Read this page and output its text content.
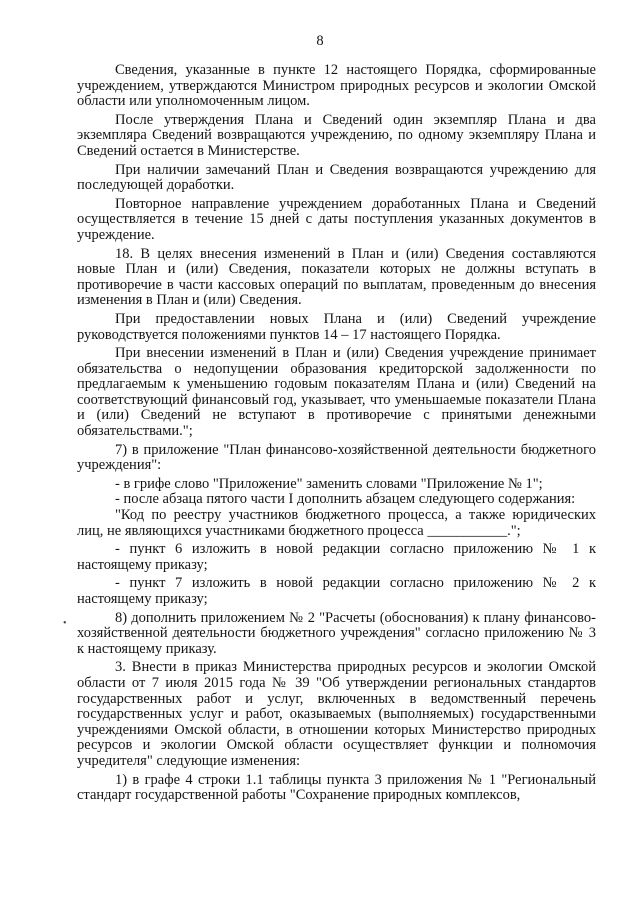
8

Сведения, указанные в пункте 12 настоящего Порядка, сформированные учреждением, утверждаются Министром природных ресурсов и экологии Омской области или уполномоченным лицом.

После утверждения Плана и Сведений один экземпляр Плана и два экземпляра Сведений возвращаются учреждению, по одному экземпляру Плана и Сведений остается в Министерстве.

При наличии замечаний План и Сведения возвращаются учреждению для последующей доработки.

Повторное направление учреждением доработанных Плана и Сведений осуществляется в течение 15 дней с даты поступления указанных документов в учреждение.

18. В целях внесения изменений в План и (или) Сведения составляются новые План и (или) Сведения, показатели которых не должны вступать в противоречие в части кассовых операций по выплатам, проведенным до внесения изменения в План и (или) Сведения.

При предоставлении новых Плана и (или) Сведений учреждение руководствуется положениями пунктов 14 – 17 настоящего Порядка.

При внесении изменений в План и (или) Сведения учреждение принимает обязательства о недопущении образования кредиторской задолженности по предлагаемым к уменьшению годовым показателям Плана и (или) Сведений на соответствующий финансовый год, указывает, что уменьшаемые показатели Плана и (или) Сведений не вступают в противоречие с принятыми денежными обязательствами.";

7) в приложение "План финансово-хозяйственной деятельности бюджетного учреждения":

- в грифе слово "Приложение" заменить словами "Приложение № 1";

- после абзаца пятого части I дополнить абзацем следующего содержания:

"Код по реестру участников бюджетного процесса, а также юридических лиц, не являющихся участниками бюджетного процесса ___________.";

- пункт 6 изложить в новой редакции согласно приложению № 1 к настоящему приказу;

- пункт 7 изложить в новой редакции согласно приложению № 2 к настоящему приказу;

8) дополнить приложением № 2 "Расчеты (обоснования) к плану финансово-хозяйственной деятельности бюджетного учреждения" согласно приложению № 3 к настоящему приказу.

3. Внести в приказ Министерства природных ресурсов и экологии Омской области от 7 июля 2015 года № 39 "Об утверждении региональных стандартов государственных работ и услуг, включенных в ведомственный перечень государственных услуг и работ, оказываемых (выполняемых) государственными учреждениями Омской области, в отношении которых Министерство природных ресурсов и экологии Омской области осуществляет функции и полномочия учредителя" следующие изменения:

1) в графе 4 строки 1.1 таблицы пункта 3 приложения № 1 "Региональный стандарт государственной работы "Сохранение природных комплексов,

•
